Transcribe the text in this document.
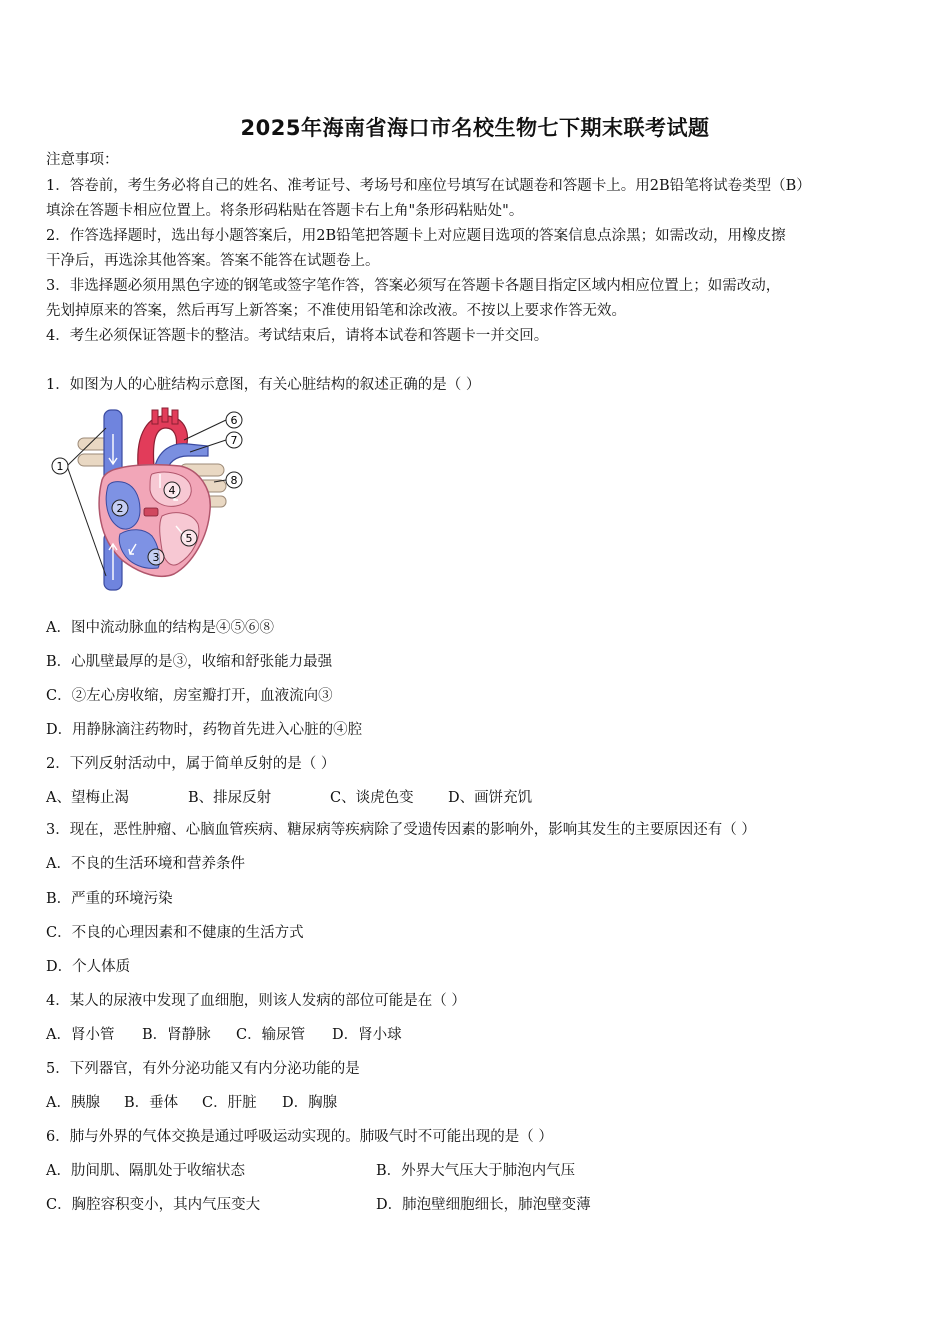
2025年海南省海口市名校生物七下期末联考试题
注意事项：
1．答卷前，考生务必将自己的姓名、准考证号、考场号和座位号填写在试题卷和答题卡上。用2B铅笔将试卷类型（B）
填涂在答题卡相应位置上。将条形码粘贴在答题卡右上角"条形码粘贴处"。
2．作答选择题时，选出每小题答案后，用2B铅笔把答题卡上对应题目选项的答案信息点涂黑；如需改动，用橡皮擦
干净后，再选涂其他答案。答案不能答在试题卷上。
3．非选择题必须用黑色字迹的钢笔或签字笔作答，答案必须写在答题卡各题目指定区域内相应位置上；如需改动，
先划掉原来的答案，然后再写上新答案；不准使用铅笔和涂改液。不按以上要求作答无效。
4．考生必须保证答题卡的整洁。考试结束后，请将本试卷和答题卡一并交回。
1．如图为人的心脏结构示意图，有关心脏结构的叙述正确的是（ ）
1
2
3
4
5
6
7
8
A．图中流动脉血的结构是④⑤⑥⑧
B．心肌壁最厚的是③，收缩和舒张能力最强
C．②左心房收缩，房室瓣打开，血液流向③
D．用静脉滴注药物时，药物首先进入心脏的④腔
2．下列反射活动中，属于简单反射的是（ ）
A、望梅止渴	B、排尿反射	C、谈虎色变 D、画饼充饥
3．现在，恶性肿瘤、心脑血管疾病、糖尿病等疾病除了受遗传因素的影响外，影响其发生的主要原因还有（ ）
A．不良的生活环境和营养条件
B．严重的环境污染
C．不良的心理因素和不健康的生活方式
D．个人体质
4．某人的尿液中发现了血细胞，则该人发病的部位可能是在（ ）
A．肾小管 B．肾静脉 C．输尿管 D．肾小球
5．下列器官，有外分泌功能又有内分泌功能的是
A．胰腺 B．垂体 C．肝脏 D．胸腺
6．肺与外界的气体交换是通过呼吸运动实现的。肺吸气时不可能出现的是（ ）
A．肋间肌、隔肌处于收缩状态	B．外界大气压大于肺泡内气压
C．胸腔容积变小，其内气压变大	D．肺泡壁细胞细长，肺泡壁变薄
